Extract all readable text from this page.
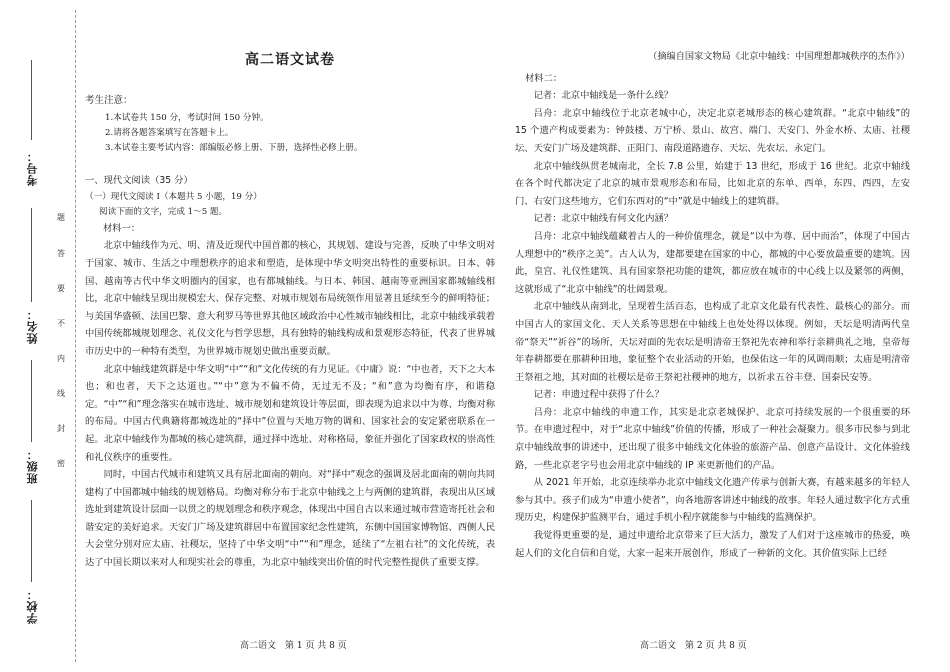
考号：
姓名：
班级：
学校：
题
答
要
不
内
线
封
密
高二语文试卷
考生注意：
1.本试卷共 150 分，考试时间 150 分钟。
2.请将各题答案填写在答题卡上。
3.本试卷主要考试内容：部编版必修上册、下册，选择性必修上册。
一、现代文阅读（35 分）
（一）现代文阅读 I（本题共 5 小题，19 分）
阅读下面的文字，完成 1～5 题。
材料一：

北京中轴线作为元、明、清及近现代中国首都的核心，其规划、建设与完善，反映了中华文明对于国家、城市、生活之中理想秩序的追求和塑造，是体现中华文明突出特性的重要标识。日本、韩国、越南等古代中华文明圈内的国家，也有都城轴线。与日本、韩国、越南等亚洲国家都城轴线相比，北京中轴线呈现出规模宏大、保存完整、对城市规划布局统领作用显著且延续至今的鲜明特征；与美国华盛顿、法国巴黎、意大利罗马等世界其他区域政治中心性城市轴线相比，北京中轴线承载着中国传统都城规划理念、礼仪文化与哲学思想，具有独特的轴线构成和景观形态特征，代表了世界城市历史中的一种特有类型，为世界城市规划史做出重要贡献。

北京中轴线建筑群是中华文明“中”“和”文化传统的有力见证。《中庸》说：“中也者，天下之大本也；和也者，天下之达道也。”“中”意为不偏不倚，无过无不及；“和”意为均衡有序，和谐稳定。“中”“和”理念落实在城市选址、城市规划和建筑设计等层面，即表现为追求以中为尊、均衡对称的布局。中国古代典籍将都城选址的“择中”位置与天地万物的调和、国家社会的安定紧密联系在一起。北京中轴线作为都城的核心建筑群，通过择中选址、对称格局，象征并强化了国家政权的崇高性和礼仪秩序的重要性。

同时，中国古代城市和建筑又具有居北面南的朝向。对“择中”观念的强调及居北面南的朝向共同建构了中国都城中轴线的规划格局。均衡对称分布于北京中轴线之上与两侧的建筑群，表现出从区域选址到建筑设计层面一以贯之的规划理念和秩序观念，体现出中国自古以来通过城市营造寄托社会和谐安定的美好追求。天安门广场及建筑群居中布置国家纪念性建筑，东侧中国国家博物馆、西侧人民大会堂分别对应太庙、社稷坛，坚持了中华文明“中”“和”理念，延续了“左祖右社”的文化传统，表达了中国长期以来对人和现实社会的尊重，为北京中轴线突出价值的时代完整性提供了重要支撑。

（摘编自国家文物局《北京中轴线：中国理想都城秩序的杰作》）
材料二：

记者：北京中轴线是一条什么线？

吕舟：北京中轴线位于北京老城中心，决定北京老城形态的核心建筑群。“北京中轴线”的 15 个遗产构成要素为：钟鼓楼、万宁桥、景山、故宫、端门、天安门、外金水桥、太庙、社稷坛、天安门广场及建筑群、正阳门、南段道路遗存、天坛、先农坛、永定门。

北京中轴线纵贯老城南北，全长 7.8 公里，始建于 13 世纪，形成于 16 世纪。北京中轴线在各个时代都决定了北京的城市景观形态和布局，比如北京的东单、西单，东四、西四，左安门、右安门这些地方，它们东西对的“中”就是中轴线上的建筑群。

记者：北京中轴线有何文化内涵？

吕舟：北京中轴线蕴藏着古人的一种价值理念，就是“以中为尊、居中而治”，体现了中国古人理想中的“秩序之美”。古人认为，建都要建在国家的中心，都城的中心要放最重要的建筑。因此，皇宫、礼仪性建筑、具有国家祭祀功能的建筑，都应放在城市的中心线上以及紧邻的两侧，这就形成了“北京中轴线”的壮阔景观。

北京中轴线从南到北，呈现着生活百态，也构成了北京文化最有代表性、最核心的部分。而中国古人的家国文化、天人关系等思想在中轴线上也处处得以体现。例如，天坛是明清两代皇帝“祭天”“祈谷”的场所，天坛对面的先农坛是明清帝王祭祀先农神和举行亲耕典礼之地，皇帝每年春耕都要在那耕种田地，象征整个农业活动的开始，也保佑这一年的风调雨顺；太庙是明清帝王祭祖之地，其对面的社稷坛是帝王祭祀社稷神的地方，以祈求五谷丰登、国泰民安等。

记者：申遗过程中获得了什么？

吕舟：北京中轴线的申遗工作，其实是北京老城保护、北京可持续发展的一个很重要的环节。在申遗过程中，对于“北京中轴线”价值的传播，形成了一种社会凝聚力。很多市民参与到北京中轴线故事的讲述中，还出现了很多中轴线文化体验的旅游产品、创意产品设计、文化体验线路，一些北京老字号也会用北京中轴线的 IP 来更新他们的产品。

从 2021 年开始，北京连续举办北京中轴线文化遗产传承与创新大赛，有越来越多的年轻人参与其中。孩子们成为“申遗小使者”，向各地游客讲述中轴线的故事。年轻人通过数字化方式重现历史，构建保护监测平台，通过手机小程序就能参与中轴线的监测保护。

我觉得更重要的是，通过申遗给北京带来了巨大活力，激发了人们对于这座城市的热爱，唤起人们的文化自信和自觉，大家一起来开展创作，形成了一种新的文化。其价值实际上已经

高二语文　第 1 页 共 8 页	高二语文　第 2 页 共 8 页
